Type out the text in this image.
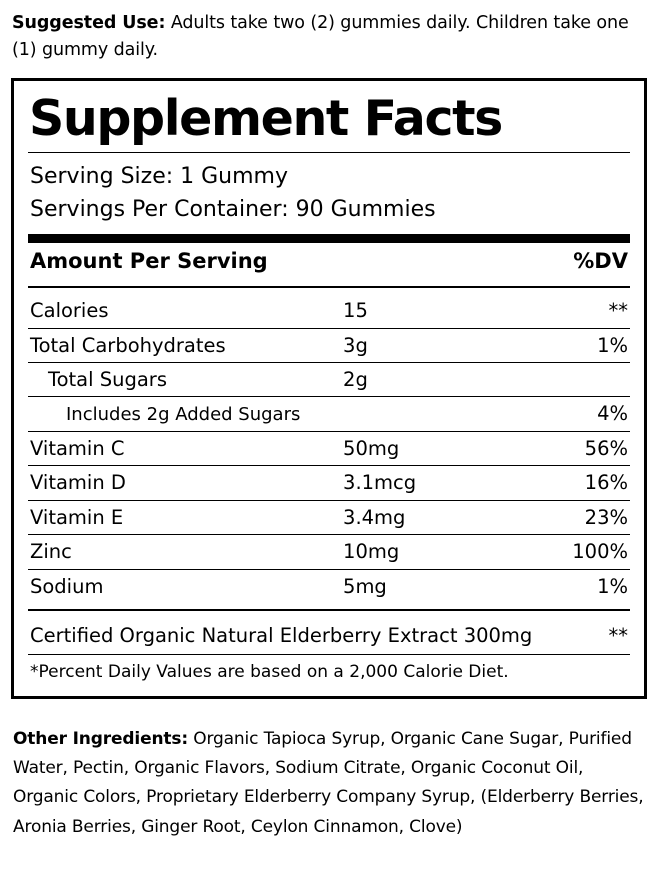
Suggested Use: Adults take two (2) gummies daily. Children take one (1) gummy daily.

Supplement Facts
Serving Size: 1 Gummy
Servings Per Container: 90 Gummies
Amount Per Serving	%DV
Calories	15	**
Total Carbohydrates	3g	1%
Total Sugars	2g	
Includes 2g Added Sugars		4%
Vitamin C	50mg	56%
Vitamin D	3.1mcg	16%
Vitamin E	3.4mg	23%
Zinc	10mg	100%
Sodium	5mg	1%
Certified Organic Natural Elderberry Extract 300mg	**
*Percent Daily Values are based on a 2,000 Calorie Diet.

Other Ingredients: Organic Tapioca Syrup, Organic Cane Sugar, Purified Water, Pectin, Organic Flavors, Sodium Citrate, Organic Coconut Oil, Organic Colors, Proprietary Elderberry Company Syrup, (Elderberry Berries, Aronia Berries, Ginger Root, Ceylon Cinnamon, Clove)
